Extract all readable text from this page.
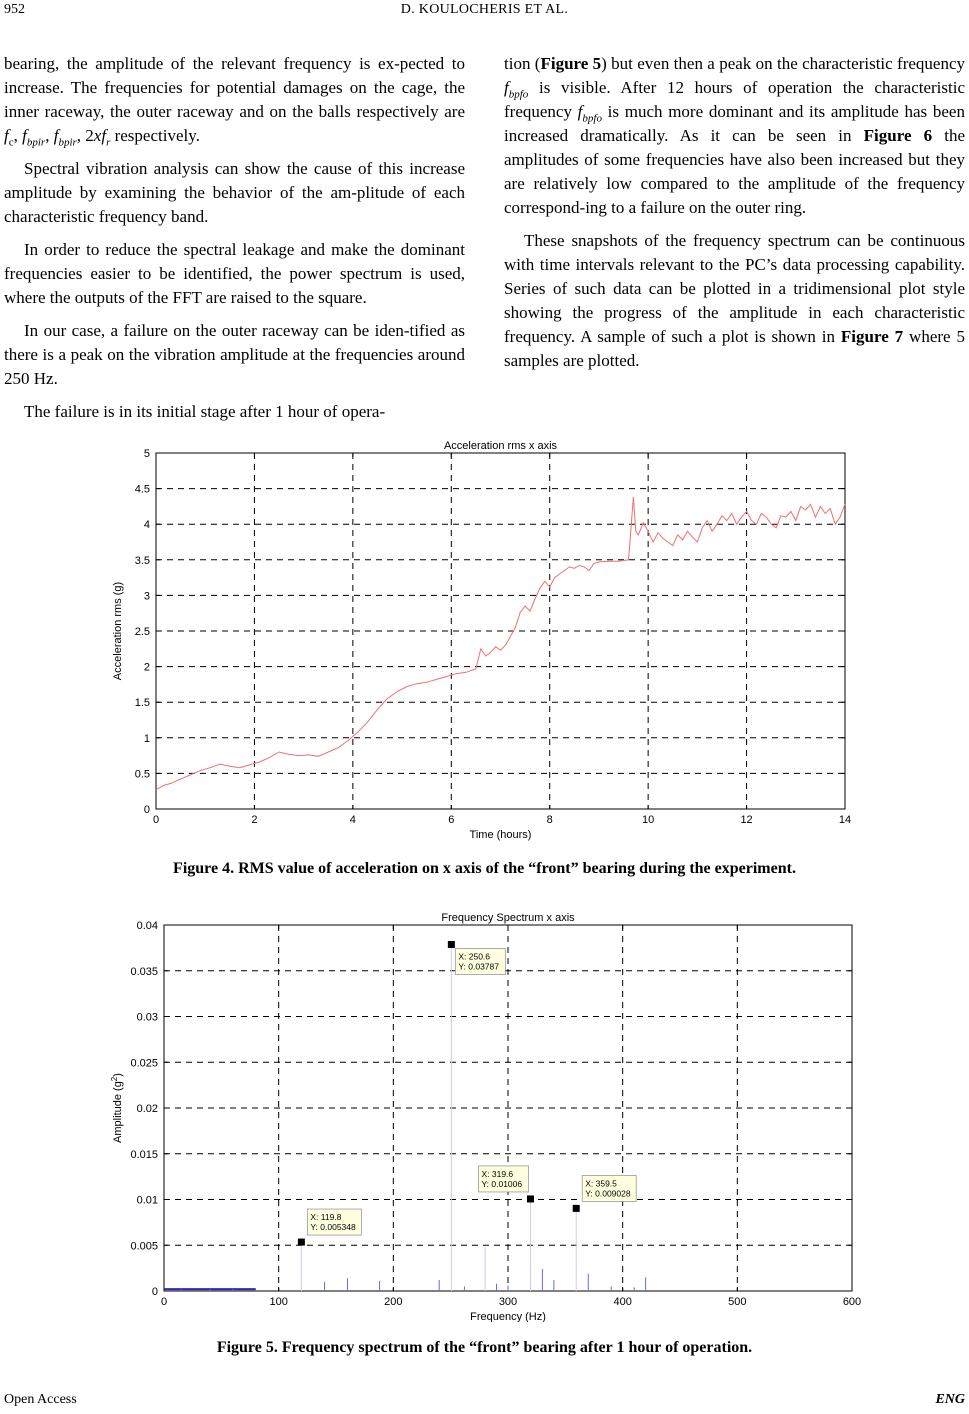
952	D. KOULOCHERIS ET AL.

bearing, the amplitude of the relevant frequency is ex-pected to increase. The frequencies for potential damages on the cage, the inner raceway, the outer raceway and on the balls respectively are $f_c$, $f_{bpir}$, $f_{bpir}$, $2xf_r$ respectively.

Spectral vibration analysis can show the cause of this increase amplitude by examining the behavior of the am-plitude of each characteristic frequency band.

In order to reduce the spectral leakage and make the dominant frequencies easier to be identified, the power spectrum is used, where the outputs of the FFT are raised to the square.

In our case, a failure on the outer raceway can be iden-tified as there is a peak on the vibration amplitude at the frequencies around 250 Hz.

The failure is in its initial stage after 1 hour of opera-

tion (Figure 5) but even then a peak on the characteristic frequency $f_{bpfo}$ is visible. After 12 hours of operation the characteristic frequency $f_{bpfo}$ is much more dominant and its amplitude has been increased dramatically. As it can be seen in Figure 6 the amplitudes of some frequencies have also been increased but they are relatively low compared to the amplitude of the frequency correspond-ing to a failure on the outer ring.

These snapshots of the frequency spectrum can be continuous with time intervals relevant to the PC’s data processing capability. Series of such data can be plotted in a tridimensional plot style showing the progress of the amplitude in each characteristic frequency. A sample of such a plot is shown in Figure 7 where 5 samples are plotted.

0	2	4	6	8	10	12	14
0
0.5
1
1.5
2
2.5
3
3.5
4
4.5
5
Acceleration rms x axis
Time (hours)
Acceleration rms (g)
Figure 4. RMS value of acceleration on x axis of the “front” bearing during the experiment.
0	100	200	300	400	500	600
0
0.005
0.01
0.015
0.02
0.025
0.03
0.035
0.04
Frequency Spectrum x axis
Frequency (Hz)
Amplitude $(g^2)$
X: 119.8
Y: 0.005348
X: 250.6
Y: 0.03787
X: 319.6
Y: 0.01006	X: 359.5
Y: 0.009028
Figure 5. Frequency spectrum of the “front” bearing after 1 hour of operation.
Open Access	ENG
